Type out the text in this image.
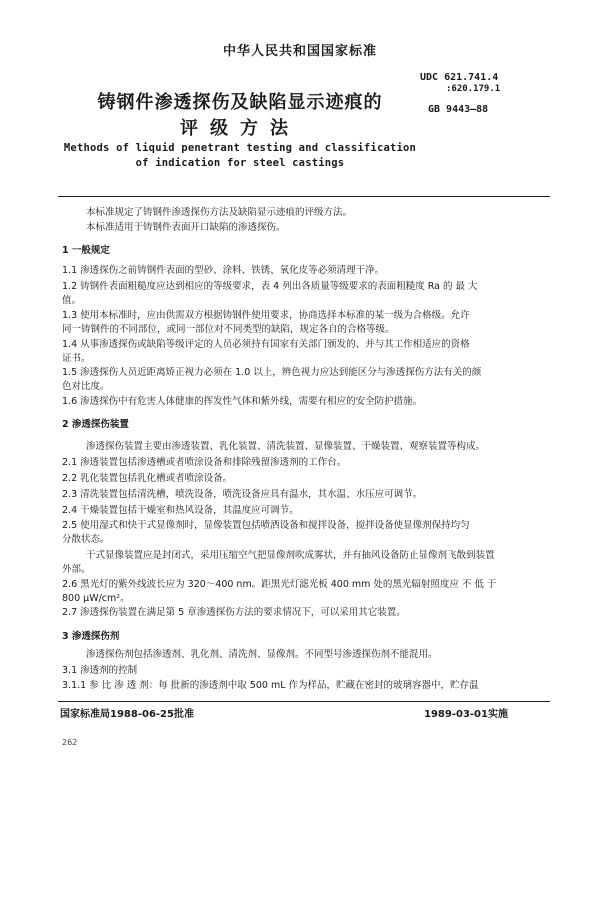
中华人民共和国国家标准
铸钢件渗透探伤及缺陷显示迹痕的
评级方法
UDC 621.741.4
:620.179.1
GB 9443—88
Methods of liquid penetrant testing and classification
of indication for steel castings
本标准规定了铸钢件渗透探伤方法及缺陷显示迹痕的评级方法。
本标准适用于铸钢件表面开口缺陷的渗透探伤。
1 一般规定
1.1 渗透探伤之前铸钢件表面的型砂、涂料、铁锈、氧化皮等必须清理干净。
1.2 铸钢件表面粗糙度应达到相应的等级要求，表 4 列出各质量等级要求的表面粗糙度 Ra 的 最 大
值。
1.3 使用本标准时，应由供需双方根据铸钢件使用要求，协商选择本标准的某一级为合格级。允许
同一铸钢件的不同部位，或同一部位对不同类型的缺陷，规定各自的合格等级。
1.4 从事渗透探伤或缺陷等级评定的人员必须持有国家有关部门颁发的、并与其工作相适应的资格
证书。
1.5 渗透探伤人员近距离矫正视力必须在 1.0 以上，辨色视力应达到能区分与渗透探伤方法有关的颜
色对比度。
1.6 渗透探伤中有危害人体健康的挥发性气体和紫外线，需要有相应的安全防护措施。
2 渗透探伤装置
渗透探伤装置主要由渗透装置、乳化装置、清洗装置、显像装置、干燥装置、观察装置等构成。
2.1 渗透装置包括渗透槽或者喷涂设备和排除残留渗透剂的工作台。
2.2 乳化装置包括乳化槽或者喷涂设备。
2.3 清洗装置包括清洗槽，喷洗设备，喷洗设备应具有温水，其水温、水压应可调节。
2.4 干燥装置包括干燥室和热风设备，其温度应可调节。
2.5 使用湿式和快干式显像剂时，显像装置包括喷洒设备和搅拌设备，搅拌设备使显像剂保持均匀
分散状态。
干式显像装置应是封闭式，采用压缩空气把显像剂吹成雾状，并有抽风设备防止显像剂飞散到装置
外部。
2.6 黑光灯的紫外线波长应为 320～400 nm。距黑光灯滤光板 400 mm 处的黑光辐射照度应 不 低 于
800 μW/cm²。
2.7 渗透探伤装置在满足第 5 章渗透探伤方法的要求情况下，可以采用其它装置。
3 渗透探伤剂
渗透探伤剂包括渗透剂、乳化剂、清洗剂、显像剂。不同型号渗透探伤剂不能混用。
3.1 渗透剂的控制
3.1.1 参 比 渗 透 剂：每 批新的渗透剂中取 500 mL 作为样品，贮藏在密封的玻璃容器中，贮存温
国家标准局1988-06-25批准	1989-03-01实施
262
